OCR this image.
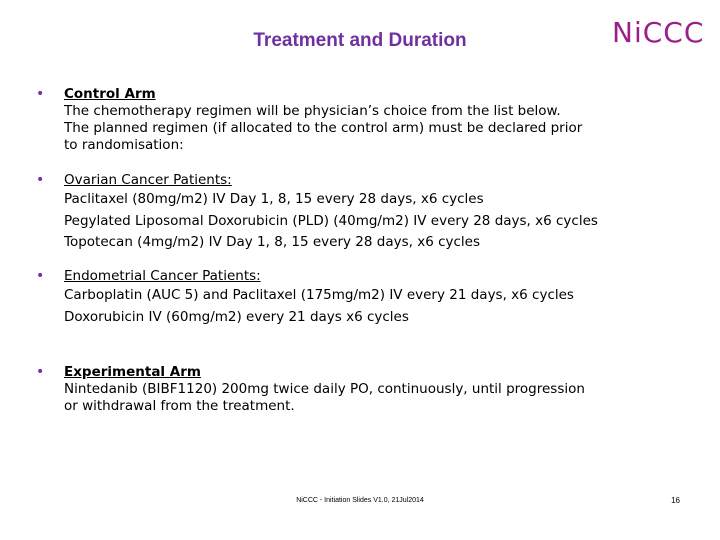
Treatment and Duration	NiCCC
• Control Arm

The chemotherapy regimen will be physician’s choice from the list below.

The planned regimen (if allocated to the control arm) must be declared prior

to randomisation:

• Ovarian Cancer Patients:

Paclitaxel (80mg/m2) IV Day 1, 8, 15 every 28 days, x6 cycles

Pegylated Liposomal Doxorubicin (PLD) (40mg/m2) IV every 28 days, x6 cycles

Topotecan (4mg/m2) IV Day 1, 8, 15 every 28 days, x6 cycles

• Endometrial Cancer Patients:

Carboplatin (AUC 5) and Paclitaxel (175mg/m2) IV every 21 days, x6 cycles

Doxorubicin IV (60mg/m2) every 21 days x6 cycles

• Experimental Arm

Nintedanib (BIBF1120) 200mg twice daily PO, continuously, until progression

or withdrawal from the treatment.

NiCCC - Initiation Slides V1.0, 21Jul2014	16
